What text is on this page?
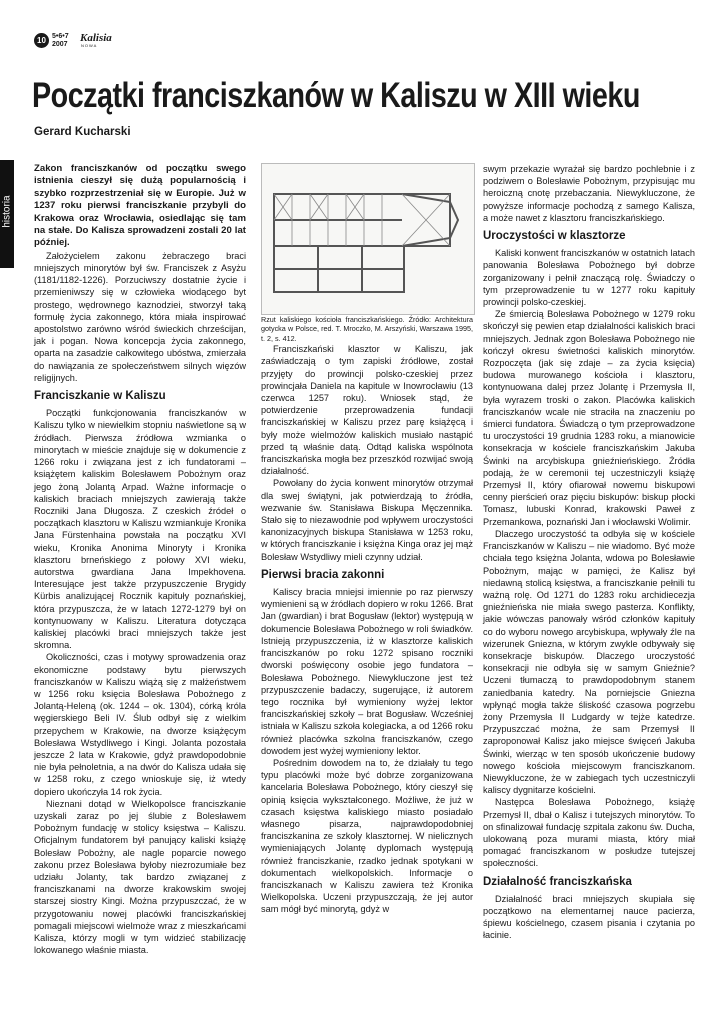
10 5•6•7
2007
Kalisia
NOWA
historia
Początki franciszkanów w Kaliszu w XIII wieku
Gerard Kucharski

Zakon franciszkanów od początku swego istnienia cieszył się dużą popularnością i szybko rozprzestrzeniał się w Europie. Już w 1237 roku pierwsi franciszkanie przybyli do Krakowa oraz Wrocławia, osiedlając się tam na stałe. Do Kalisza sprowadzeni zostali 20 lat później.

Założycielem zakonu żebraczego braci mniejszych minorytów był św. Franciszek z Asyżu (1181/1182-1226). Porzuciwszy dostatnie życie i przemieniwszy się w człowieka wiodącego byt prostego, wędrownego kaznodziei, stworzył taką formułę życia zakonnego, która miała inspirować apostolstwo zarówno wśród świeckich chrześcijan, jak i pogan. Nowa koncepcja życia zakonnego, oparta na zasadzie całkowitego ubóstwa, zmierzała do nawiązania ze społeczeństwem silnych więzów religijnych.

Franciszkanie w Kaliszu

Początki funkcjonowania franciszkanów w Kaliszu tylko w niewielkim stopniu naświetlone są w źródłach. Pierwsza źródłowa wzmianka o minorytach w mieście znajduje się w dokumencie z 1266 roku i związana jest z ich fundatorami – książętem kaliskim Bolesławem Pobożnym oraz jego żoną Jolantą Arpad. Ważne informacje o kaliskich braciach mniejszych zawierają także Roczniki Jana Długosza. Z czeskich źródeł o początkach klasztoru w Kaliszu wzmiankuje Kronika Jana Fürstenhaina powstała na początku XVI wieku, Kronika Anonima Minoryty i Kronika klasztoru brneńskiego z połowy XVI wieku, autorstwa gwardiana Jana Impekhovena. Interesujące jest także przypuszczenie Brygidy Kürbis analizującej Rocznik kapituły poznańskiej, która przypuszcza, że w latach 1272-1279 był on kontynuowany w Kaliszu. Literatura dotycząca kaliskiej placówki braci mniejszych także jest skromna.

Okoliczności, czas i motywy sprowadzenia oraz ekonomiczne podstawy bytu pierwszych franciszkanów w Kaliszu wiążą się z małżeństwem w 1256 roku księcia Bolesława Pobożnego z Jolantą-Heleną (ok. 1244 – ok. 1304), córką króla węgierskiego Beli IV. Ślub odbył się z wielkim przepychem w Krakowie, na dworze książęcym Bolesława Wstydliwego i Kingi. Jolanta pozostała jeszcze 2 lata w Krakowie, gdyż prawdopodobnie nie była pełnoletnia, a na dwór do Kalisza udała się w 1258 roku, z czego wnioskuje się, iż wtedy dopiero ukończyła 14 rok życia.

Nieznani dotąd w Wielkopolsce franciszkanie uzyskali zaraz po jej ślubie z Bolesławem Pobożnym fundację w stolicy księstwa – Kaliszu. Oficjalnym fundatorem był panujący kaliski książę Bolesław Pobożny, ale nagle poparcie nowego zakonu przez Bolesława byłoby niezrozumiałe bez udziału Jolanty, tak bardzo związanej z franciszkanami na dworze krakowskim swojej starszej siostry Kingi. Można przypuszczać, że w przygotowaniu nowej placówki franciszkańskiej pomagali miejscowi wielmoże wraz z mieszkańcami Kalisza, którzy mogli w tym widzieć stabilizację lokowanego właśnie miasta.

Rzut kaliskiego kościoła franciszkańskiego. Źródło: Architektura gotycka w Polsce, red. T. Mroczko, M. Arszyński, Warszawa 1995, t. 2, s. 412.

Franciszkański klasztor w Kaliszu, jak zaświadczają o tym zapiski źródłowe, został przyjęty do prowincji polsko-czeskiej przez prowincjała Daniela na kapitule w Inowrocławiu (13 czerwca 1257 roku). Wniosek stąd, że potwierdzenie przeprowadzenia fundacji franciszkańskiej w Kaliszu przez parę książęcą i były może wielmożów kaliskich musiało nastąpić przed tą właśnie datą. Odtąd kaliska wspólnota franciszkańska mogła bez przeszkód rozwijać swoją działalność.

Powołany do życia konwent minorytów otrzymał dla swej świątyni, jak potwierdzają to źródła, wezwanie św. Stanisława Biskupa Męczennika. Stało się to niezawodnie pod wpływem uroczystości kanonizacyjnych biskupa Stanisława w 1253 roku, w których franciszkanie i księżna Kinga oraz jej mąż Bolesław Wstydliwy mieli czynny udział.

Pierwsi bracia zakonni

Kaliscy bracia mniejsi imiennie po raz pierwszy wymienieni są w źródłach dopiero w roku 1266. Brat Jan (gwardian) i brat Bogusław (lektor) występują w dokumencie Bolesława Pobożnego w roli świadków. Istnieją przypuszczenia, iż w klasztorze kaliskich franciszkanów po roku 1272 spisano roczniki dworski poświęcony osobie jego fundatora – Bolesława Pobożnego. Niewykluczone jest też przypuszczenie badaczy, sugerujące, iż autorem tego rocznika był wymieniony wyżej lektor franciszkańskiej szkoły – brat Bogusław. Wcześniej istniała w Kaliszu szkoła kolegiacka, a od 1266 roku również placówka szkolna franciszkanów, czego dowodem jest wyżej wymieniony lektor.

Pośrednim dowodem na to, że działały tu tego typu placówki może być dobrze zorganizowana kancelaria Bolesława Pobożnego, który cieszył się opinią księcia wykształconego. Możliwe, że już w czasach księstwa kaliskiego miasto posiadało własnego pisarza, najprawdopodobniej franciszkanina ze szkoły klasztornej. W nielicznych wymieniających Jolantę dyplomach występują również franciszkanie, rzadko jednak spotykani w dokumentach wielkopolskich. Informacje o franciszkanach w Kaliszu zawiera też Kronika Wielkopolska. Uczeni przypuszczają, że jej autor sam mógł być minorytą, gdyż w

swym przekazie wyrażał się bardzo pochlebnie i z podziwem o Bolesławie Pobożnym, przypisując mu heroiczną cnotę przebaczania. Niewykluczone, że powyższe informacje pochodzą z samego Kalisza, a może nawet z klasztoru franciszkańskiego.

Uroczystości w klasztorze

Kaliski konwent franciszkanów w ostatnich latach panowania Bolesława Pobożnego był dobrze zorganizowany i pełnił znaczącą rolę. Świadczy o tym przeprowadzenie tu w 1277 roku kapituły prowincji polsko-czeskiej.

Ze śmiercią Bolesława Pobożnego w 1279 roku skończył się pewien etap działalności kaliskich braci mniejszych. Jednak zgon Bolesława Pobożnego nie kończył okresu świetności kaliskich minorytów. Rozpoczęta (jak się zdaje – za życia księcia) budowa murowanego kościoła i klasztoru, kontynuowana dalej przez Jolantę i Przemysła II, była wyrazem troski o zakon. Placówka kaliskich franciszkanów wcale nie straciła na znaczeniu po śmierci fundatora. Świadczą o tym przeprowadzone tu uroczystości 19 grudnia 1283 roku, a mianowicie konsekracja w kościele franciszkańskim Jakuba Świnki na arcybiskupa gnieźnieńskiego. Źródła podają, że w ceremonii tej uczestniczyli książę Przemysł II, który ofiarował nowemu biskupowi cenny pierścień oraz pięciu biskupów: biskup płocki Tomasz, lubuski Konrad, krakowski Paweł z Przemankowa, poznański Jan i włocławski Wolimir.

Dlaczego uroczystość ta odbyła się w kościele Franciszkanów w Kaliszu – nie wiadomo. Być może chciała tego księżna Jolanta, wdowa po Bolesławie Pobożnym, mając w pamięci, że Kalisz był niedawną stolicą księstwa, a franciszkanie pełnili tu ważną rolę. Od 1271 do 1283 roku archidiecezja gnieźnieńska nie miała swego pasterza. Konflikty, jakie wówczas panowały wśród członków kapituły co do wyboru nowego arcybiskupa, wpływały źle na wizerunek Gniezna, w którym zwykle odbywały się konsekracje biskupów. Dlaczego uroczystość konsekracji nie odbyła się w samym Gnieźnie? Uczeni tłumaczą to prawdopodobnym stanem zaniedbania katedry. Na porniejscie Gniezna wpłynąć mogła także śliskość czasowa pogrzebu żony Przemysła II Ludgardy w tejże katedrze. Przypuszczać można, że sam Przemysł II zaproponował Kalisz jako miejsce święceń Jakuba Świnki, wierząc w ten sposób ukończenie budowy nowego kościoła miejscowym franciszkanom. Niewykluczone, że w zabiegach tych uczestniczyli kaliscy dygnitarze kościelni.

Następca Bolesława Pobożnego, książę Przemysł II, dbał o Kalisz i tutejszych minorytów. To on sfinalizował fundację szpitala zakonu św. Ducha, ulokowaną poza murami miasta, który miał pomagać franciszkanom w posłudze tutejszej społeczności.

Działalność franciszkańska

Działalność braci mniejszych skupiała się początkowo na elementarnej nauce pacierza, śpiewu kościelnego, czasem pisania i czytania po łacinie.
